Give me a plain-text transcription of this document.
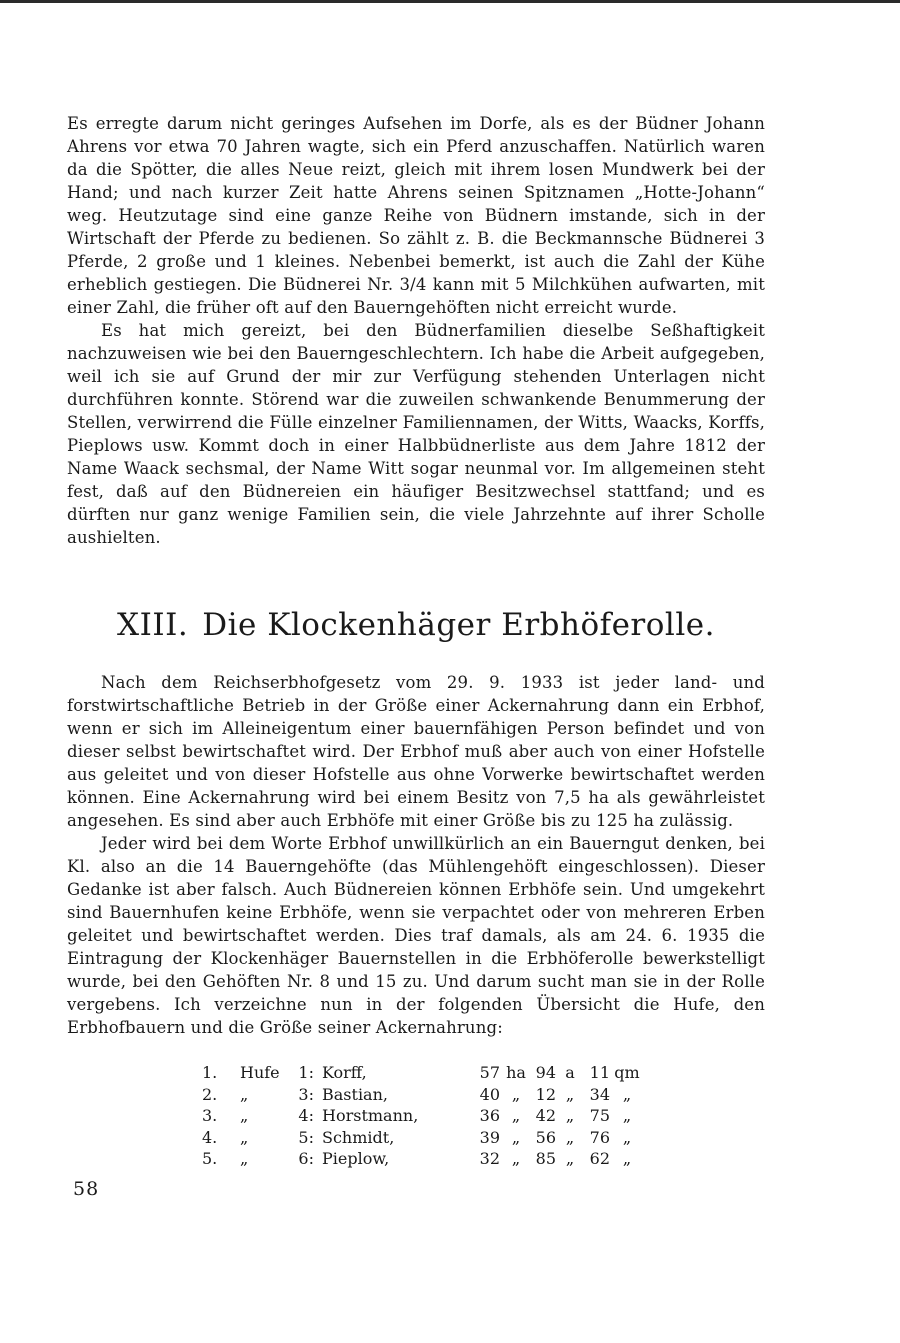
Es erregte darum nicht geringes Aufsehen im Dorfe, als es der Büdner Johann Ahrens vor etwa 70 Jahren wagte, sich ein Pferd anzuschaffen. Natürlich waren da die Spötter, die alles Neue reizt, gleich mit ihrem losen Mundwerk bei der Hand; und nach kurzer Zeit hatte Ahrens seinen Spitznamen „Hotte-Johann“ weg. Heutzutage sind eine ganze Reihe von Büdnern imstande, sich in der Wirtschaft der Pferde zu bedienen. So zählt z. B. die Beckmannsche Büdnerei 3 Pferde, 2 große und 1 kleines. Nebenbei bemerkt, ist auch die Zahl der Kühe erheblich gestiegen. Die Büdnerei Nr. 3/4 kann mit 5 Milchkühen aufwarten, mit einer Zahl, die früher oft auf den Bauerngehöften nicht erreicht wurde.

Es hat mich gereizt, bei den Büdnerfamilien dieselbe Seßhaftigkeit nachzuweisen wie bei den Bauerngeschlechtern. Ich habe die Arbeit aufgegeben, weil ich sie auf Grund der mir zur Verfügung stehenden Unterlagen nicht durchführen konnte. Störend war die zuweilen schwankende Benummerung der Stellen, verwirrend die Fülle einzelner Familiennamen, der Witts, Waacks, Korffs, Pieplows usw. Kommt doch in einer Halbbüdnerliste aus dem Jahre 1812 der Name Waack sechsmal, der Name Witt sogar neunmal vor. Im allgemeinen steht fest, daß auf den Büdnereien ein häufiger Besitzwechsel stattfand; und es dürften nur ganz wenige Familien sein, die viele Jahrzehnte auf ihrer Scholle aushielten.

XIII. Die Klockenhäger Erbhöferolle.

Nach dem Reichserbhofgesetz vom 29. 9. 1933 ist jeder land- und forstwirtschaftliche Betrieb in der Größe einer Ackernahrung dann ein Erbhof, wenn er sich im Alleineigentum einer bauernfähigen Person befindet und von dieser selbst bewirtschaftet wird. Der Erbhof muß aber auch von einer Hofstelle aus geleitet und von dieser Hofstelle aus ohne Vorwerke bewirtschaftet werden können. Eine Ackernahrung wird bei einem Besitz von 7,5 ha als gewährleistet angesehen. Es sind aber auch Erbhöfe mit einer Größe bis zu 125 ha zulässig.

Jeder wird bei dem Worte Erbhof unwillkürlich an ein Bauerngut denken, bei Kl. also an die 14 Bauerngehöfte (das Mühlengehöft eingeschlossen). Dieser Gedanke ist aber falsch. Auch Büdnereien können Erbhöfe sein. Und umgekehrt sind Bauernhufen keine Erbhöfe, wenn sie verpachtet oder von mehreren Erben geleitet und bewirtschaftet werden. Dies traf damals, als am 24. 6. 1935 die Eintragung der Klockenhäger Bauernstellen in die Erbhöferolle bewerkstelligt wurde, bei den Gehöften Nr. 8 und 15 zu. Und darum sucht man sie in der Rolle vergebens. Ich verzeichne nun in der folgenden Übersicht die Hufe, den Erbhofbauern und die Größe seiner Ackernahrung:

1.	Hufe	1:	Korff,	57	ha	94	a	11	qm
2.	„	3:	Bastian,	40	„	12	„	34	„
3.	„	4:	Horstmann,	36	„	42	„	75	„
4.	„	5:	Schmidt,	39	„	56	„	76	„
5.	„	6:	Pieplow,	32	„	85	„	62	„
58
